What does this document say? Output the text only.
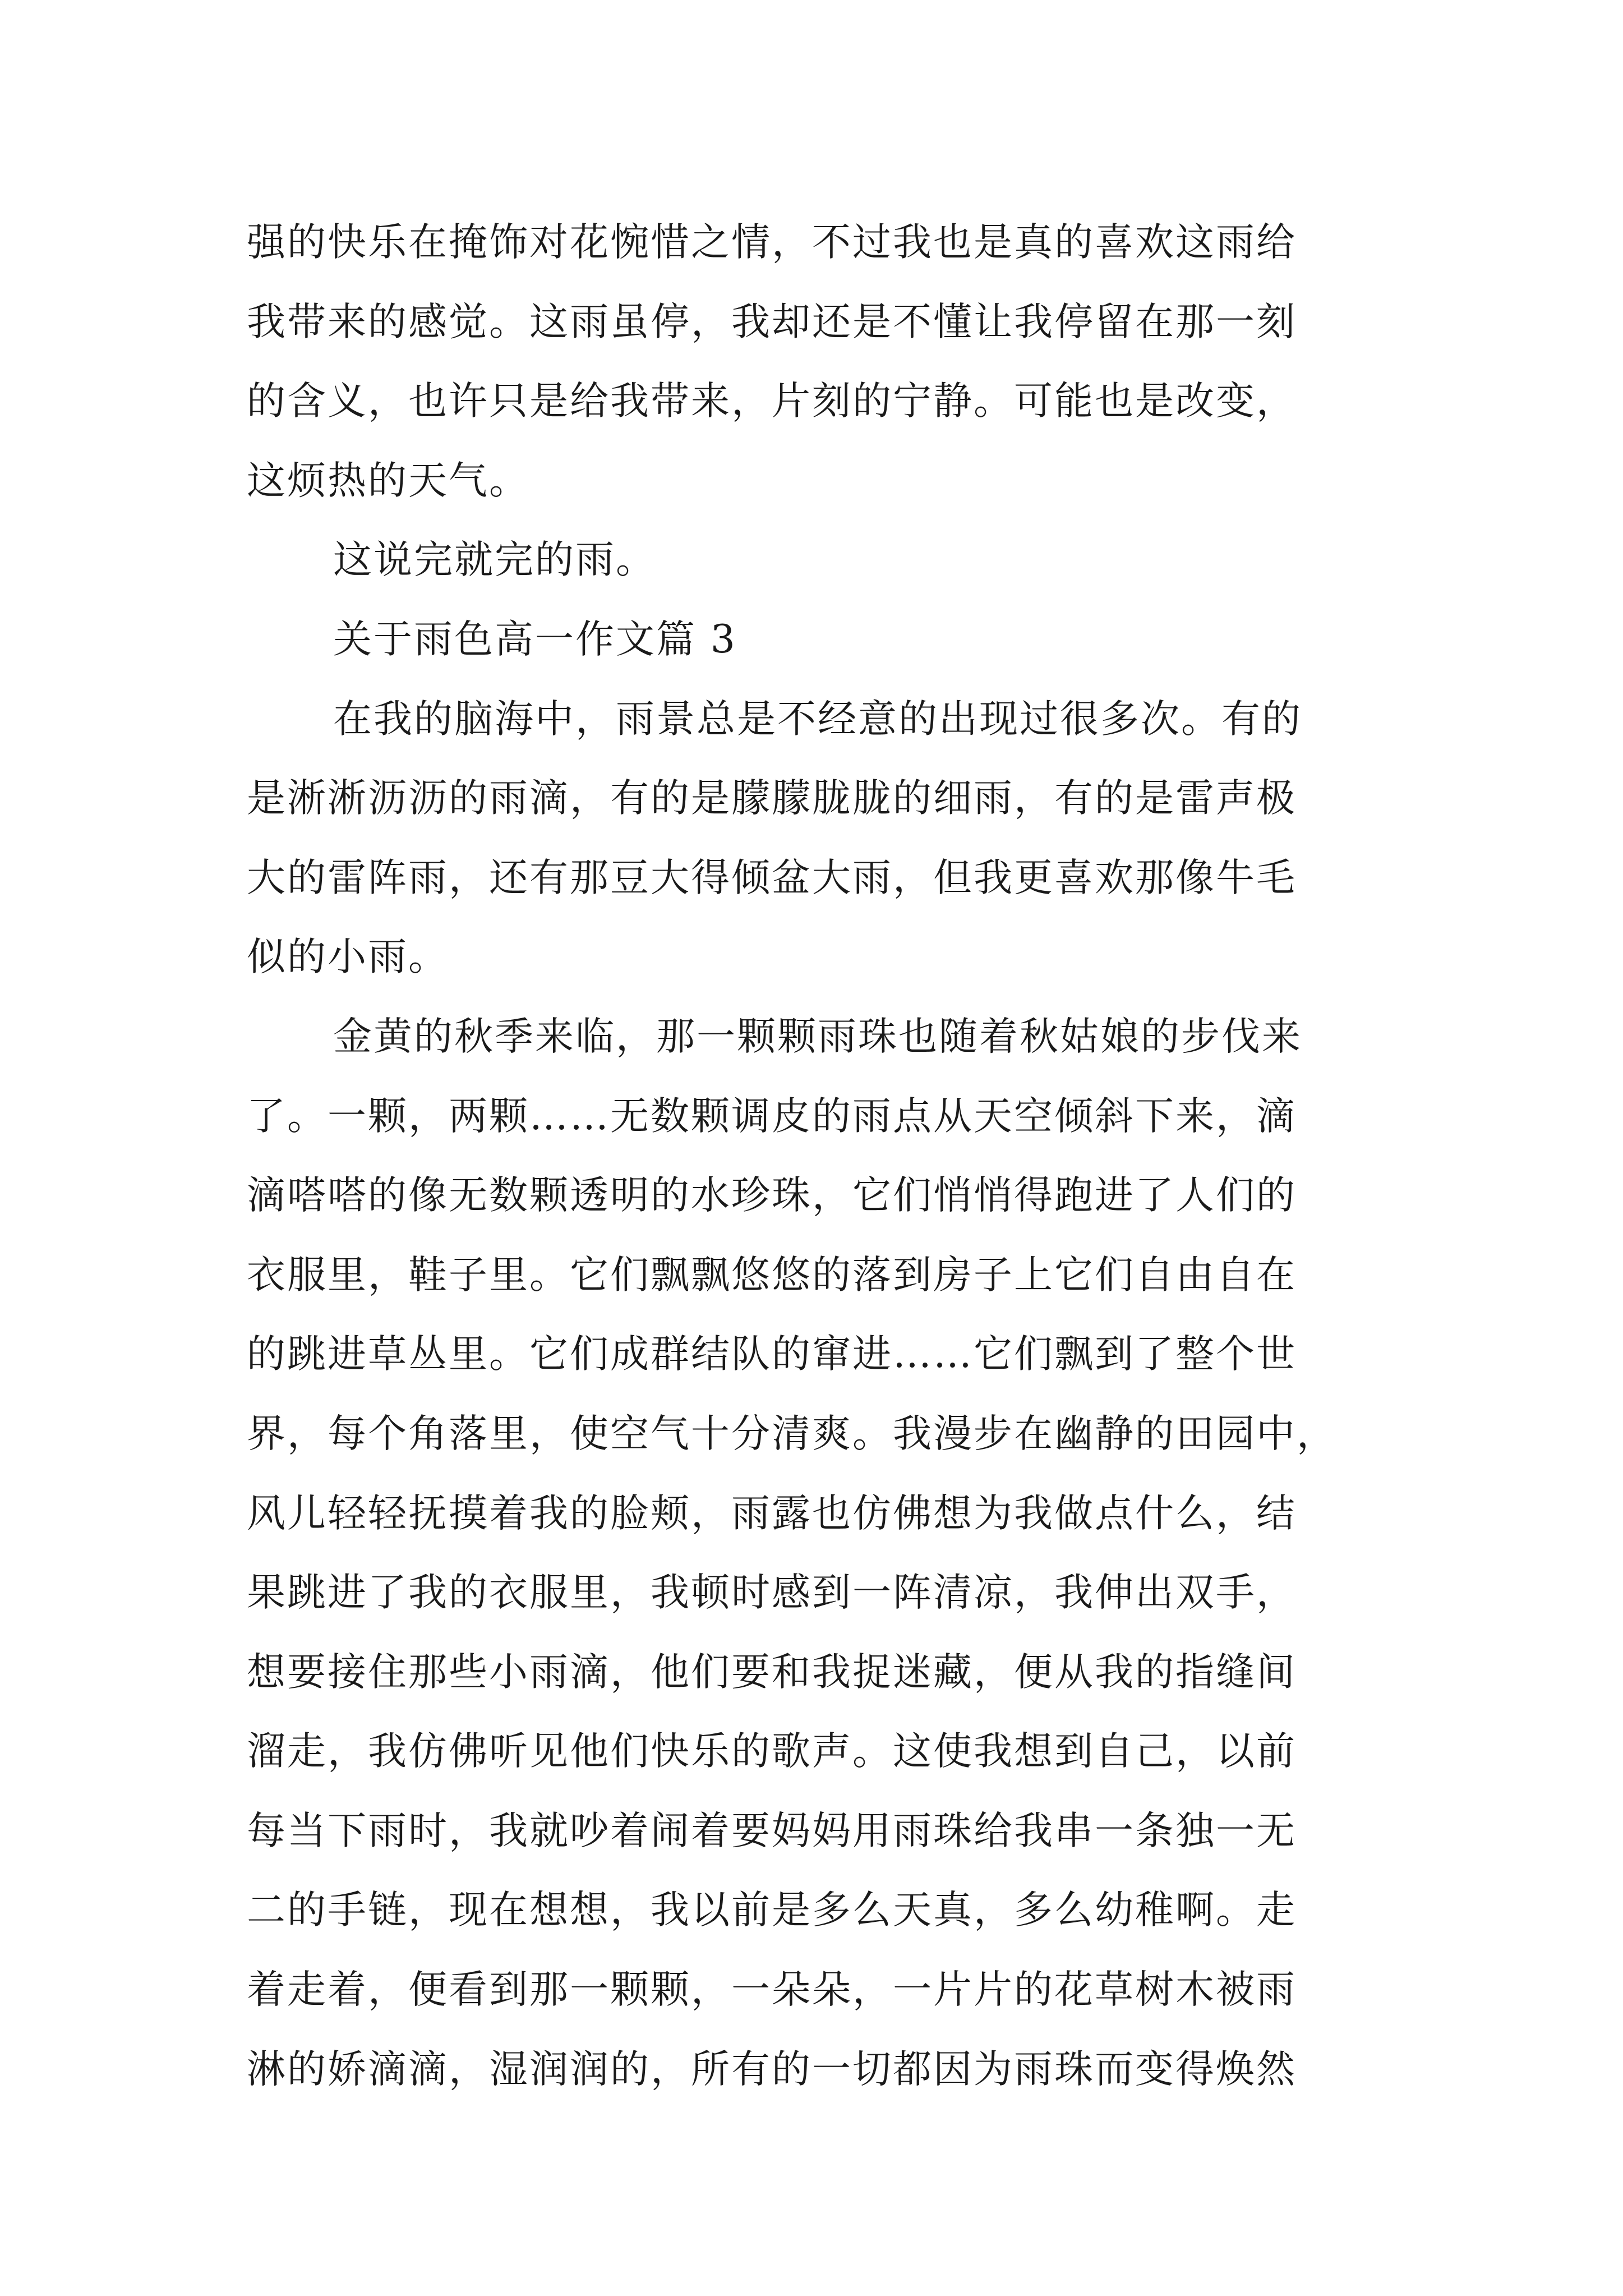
强的快乐在掩饰对花惋惜之情，不过我也是真的喜欢这雨给
我带来的感觉。这雨虽停，我却还是不懂让我停留在那一刻
的含义，也许只是给我带来，片刻的宁静。可能也是改变，
这烦热的天气。
这说完就完的雨。
关于雨色高一作文篇 3
在我的脑海中，雨景总是不经意的出现过很多次。有的
是淅淅沥沥的雨滴，有的是朦朦胧胧的细雨，有的是雷声极
大的雷阵雨，还有那豆大得倾盆大雨，但我更喜欢那像牛毛
似的小雨。
金黄的秋季来临，那一颗颗雨珠也随着秋姑娘的步伐来
了。一颗，两颗……无数颗调皮的雨点从天空倾斜下来，滴
滴嗒嗒的像无数颗透明的水珍珠，它们悄悄得跑进了人们的
衣服里，鞋子里。它们飘飘悠悠的落到房子上它们自由自在
的跳进草丛里。它们成群结队的窜进……它们飘到了整个世
界，每个角落里，使空气十分清爽。我漫步在幽静的田园中，
风儿轻轻抚摸着我的脸颊，雨露也仿佛想为我做点什么，结
果跳进了我的衣服里，我顿时感到一阵清凉，我伸出双手，
想要接住那些小雨滴，他们要和我捉迷藏，便从我的指缝间
溜走，我仿佛听见他们快乐的歌声。这使我想到自己，以前
每当下雨时，我就吵着闹着要妈妈用雨珠给我串一条独一无
二的手链，现在想想，我以前是多么天真，多么幼稚啊。走
着走着，便看到那一颗颗，一朵朵，一片片的花草树木被雨
淋的娇滴滴，湿润润的，所有的一切都因为雨珠而变得焕然
